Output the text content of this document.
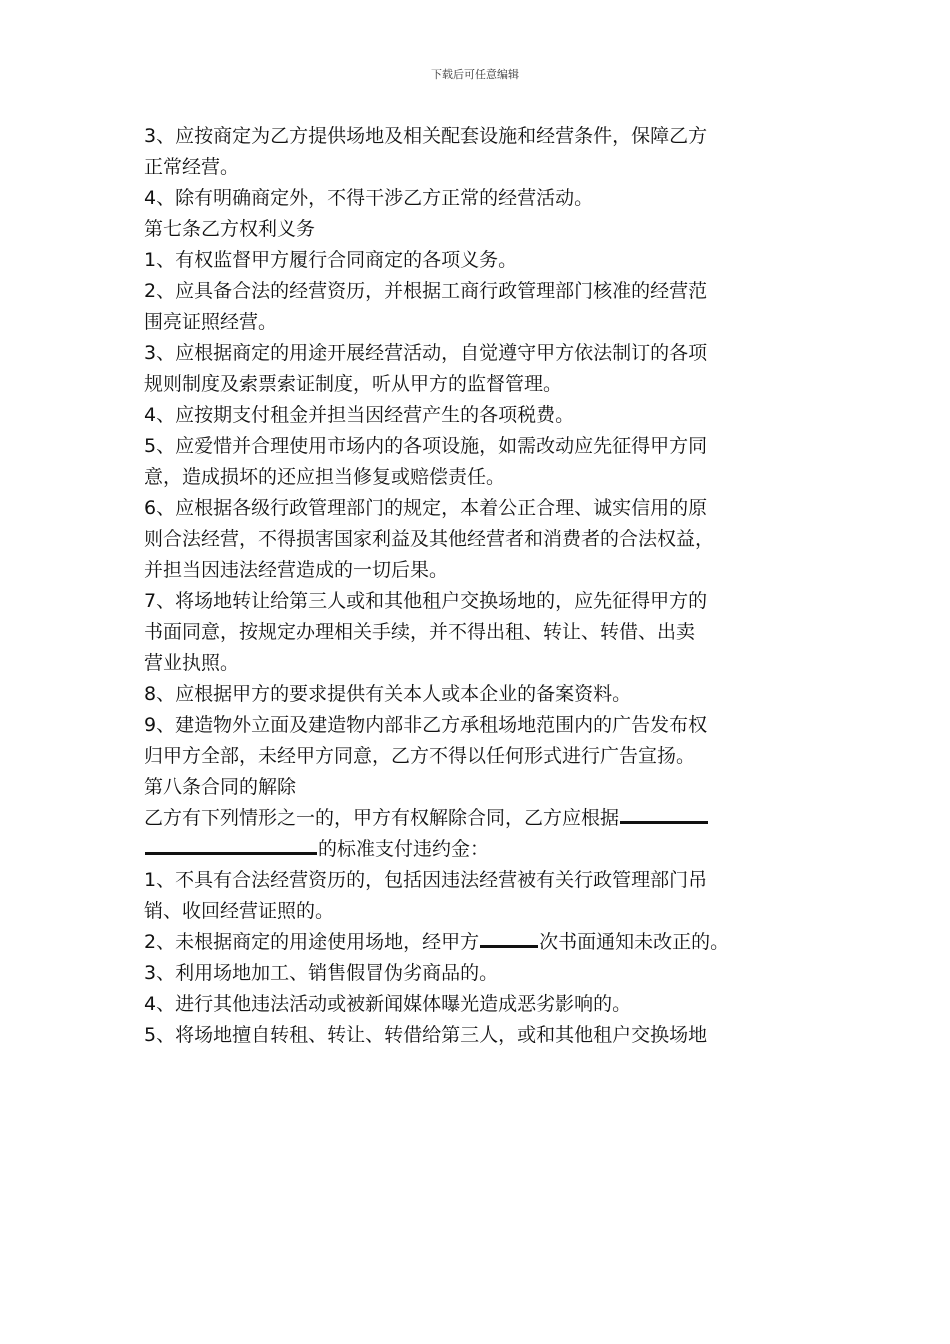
下载后可任意编辑
3、应按商定为乙方提供场地及相关配套设施和经营条件，保障乙方
正常经营。
4、除有明确商定外，不得干涉乙方正常的经营活动。
第七条乙方权利义务
1、有权监督甲方履行合同商定的各项义务。
2、应具备合法的经营资历，并根据工商行政管理部门核准的经营范
围亮证照经营。
3、应根据商定的用途开展经营活动，自觉遵守甲方依法制订的各项
规则制度及索票索证制度，听从甲方的监督管理。
4、应按期支付租金并担当因经营产生的各项税费。
5、应爱惜并合理使用市场内的各项设施，如需改动应先征得甲方同
意，造成损坏的还应担当修复或赔偿责任。
6、应根据各级行政管理部门的规定，本着公正合理、诚实信用的原
则合法经营，不得损害国家利益及其他经营者和消费者的合法权益，
并担当因违法经营造成的一切后果。
7、将场地转让给第三人或和其他租户交换场地的，应先征得甲方的
书面同意，按规定办理相关手续，并不得出租、转让、转借、出卖
营业执照。
8、应根据甲方的要求提供有关本人或本企业的备案资料。
9、建造物外立面及建造物内部非乙方承租场地范围内的广告发布权
归甲方全部，未经甲方同意，乙方不得以任何形式进行广告宣扬。
第八条合同的解除
乙方有下列情形之一的，甲方有权解除合同，乙方应根据
的标准支付违约金：
1、不具有合法经营资历的，包括因违法经营被有关行政管理部门吊
销、收回经营证照的。
2、未根据商定的用途使用场地，经甲方	次书面通知未改正的。
3、利用场地加工、销售假冒伪劣商品的。
4、进行其他违法活动或被新闻媒体曝光造成恶劣影响的。
5、将场地擅自转租、转让、转借给第三人，或和其他租户交换场地
